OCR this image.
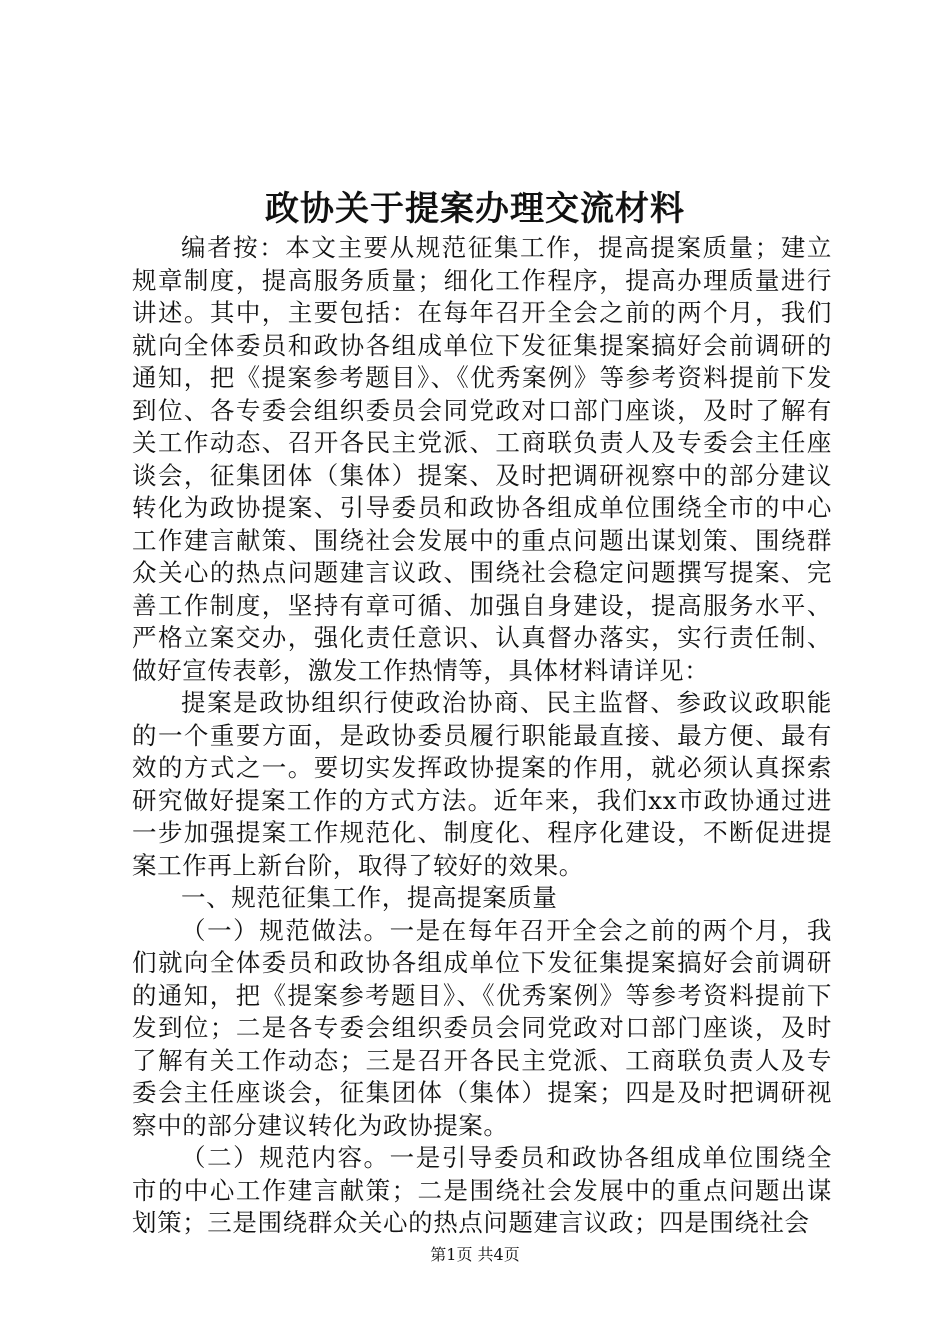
政协关于提案办理交流材料

编者按：本文主要从规范征集工作，提高提案质量；建立规章制度，提高服务质量；细化工作程序，提高办理质量进行讲述。其中，主要包括：在每年召开全会之前的两个月，我们就向全体委员和政协各组成单位下发征集提案搞好会前调研的通知，把《提案参考题目》、《优秀案例》等参考资料提前下发到位、各专委会组织委员会同党政对口部门座谈，及时了解有关工作动态、召开各民主党派、工商联负责人及专委会主任座谈会，征集团体（集体）提案、及时把调研视察中的部分建议转化为政协提案、引导委员和政协各组成单位围绕全市的中心工作建言献策、围绕社会发展中的重点问题出谋划策、围绕群众关心的热点问题建言议政、围绕社会稳定问题撰写提案、完善工作制度，坚持有章可循、加强自身建设，提高服务水平、严格立案交办，强化责任意识、认真督办落实，实行责任制、做好宣传表彰，激发工作热情等，具体材料请详见：

提案是政协组织行使政治协商、民主监督、参政议政职能的一个重要方面，是政协委员履行职能最直接、最方便、最有效的方式之一。要切实发挥政协提案的作用，就必须认真探索研究做好提案工作的方式方法。近年来，我们xx市政协通过进一步加强提案工作规范化、制度化、程序化建设，不断促进提案工作再上新台阶，取得了较好的效果。

一、规范征集工作，提高提案质量

（一）规范做法。一是在每年召开全会之前的两个月，我们就向全体委员和政协各组成单位下发征集提案搞好会前调研的通知，把《提案参考题目》、《优秀案例》等参考资料提前下发到位；二是各专委会组织委员会同党政对口部门座谈，及时了解有关工作动态；三是召开各民主党派、工商联负责人及专委会主任座谈会，征集团体（集体）提案；四是及时把调研视察中的部分建议转化为政协提案。

（二）规范内容。一是引导委员和政协各组成单位围绕全市的中心工作建言献策；二是围绕社会发展中的重点问题出谋划策；三是围绕群众关心的热点问题建言议政；四是围绕社会

第1页 共4页
